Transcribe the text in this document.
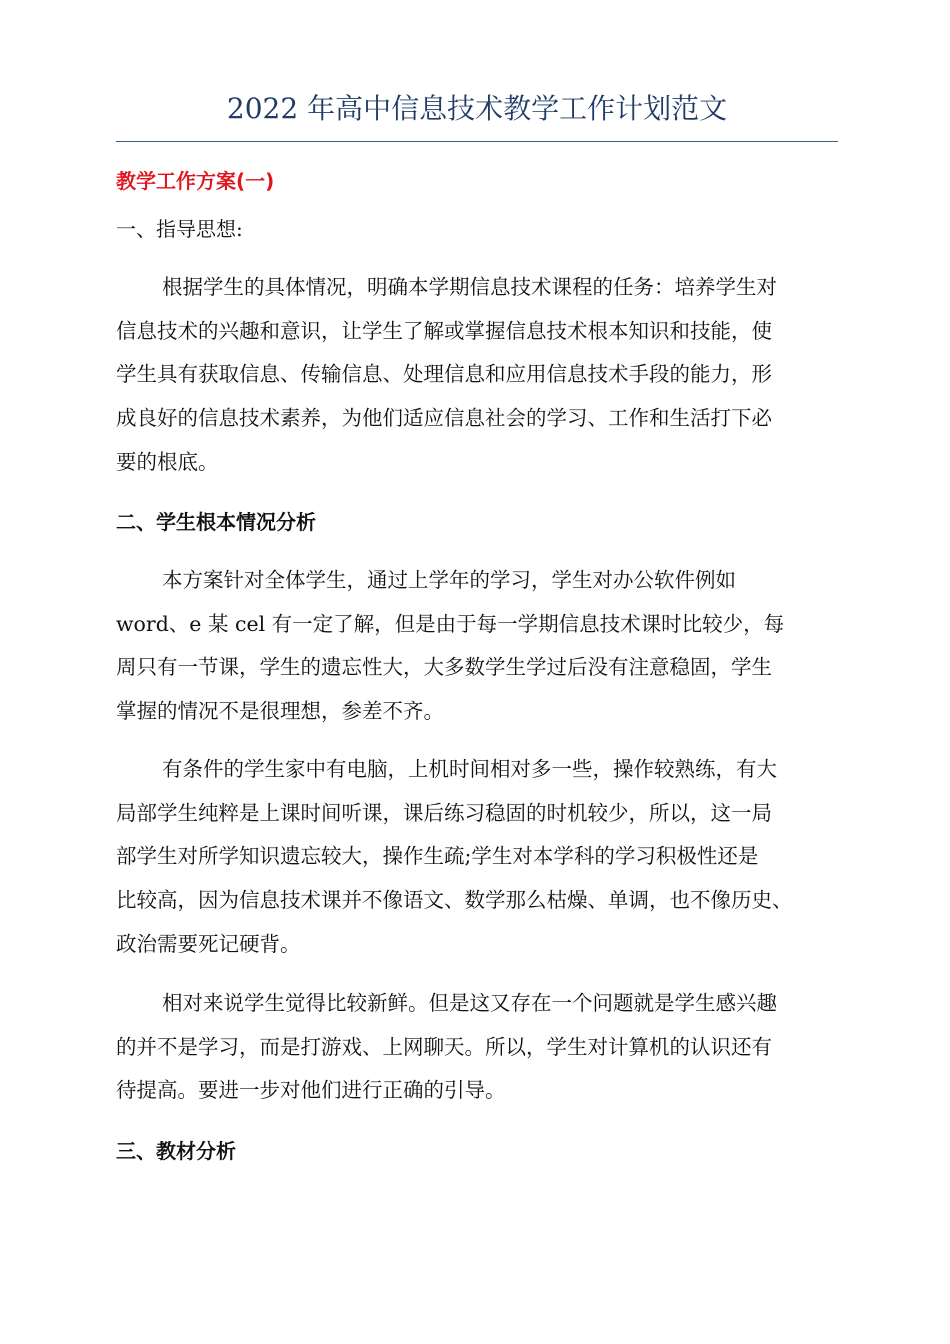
2022 年高中信息技术教学工作计划范文
教学工作方案(一)
一、指导思想:
根据学生的具体情况，明确本学期信息技术课程的任务：培养学生对
信息技术的兴趣和意识，让学生了解或掌握信息技术根本知识和技能，使
学生具有获取信息、传输信息、处理信息和应用信息技术手段的能力，形
成良好的信息技术素养，为他们适应信息社会的学习、工作和生活打下必
要的根底。
二、学生根本情况分析
本方案针对全体学生，通过上学年的学习，学生对办公软件例如
word、e 某 cel 有一定了解，但是由于每一学期信息技术课时比较少，每
周只有一节课，学生的遗忘性大，大多数学生学过后没有注意稳固，学生
掌握的情况不是很理想，参差不齐。
有条件的学生家中有电脑，上机时间相对多一些，操作较熟练，有大
局部学生纯粹是上课时间听课，课后练习稳固的时机较少，所以，这一局
部学生对所学知识遗忘较大，操作生疏;学生对本学科的学习积极性还是
比较高，因为信息技术课并不像语文、数学那么枯燥、单调，也不像历史、
政治需要死记硬背。
相对来说学生觉得比较新鲜。但是这又存在一个问题就是学生感兴趣
的并不是学习，而是打游戏、上网聊天。所以，学生对计算机的认识还有
待提高。要进一步对他们进行正确的引导。
三、教材分析
